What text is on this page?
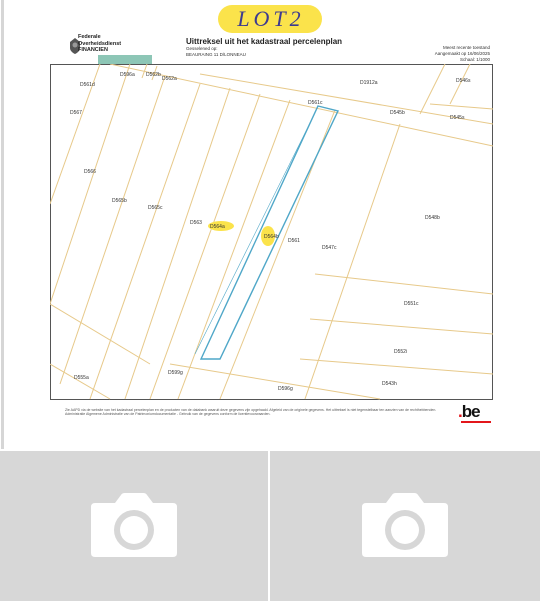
LOT2
Federale
Overheidsdienst
FINANCIEN
Uittreksel uit het kadastraal percelenplan
Gesselened op:
BEAURAING 11 D/LONNEAU
Meest recente toestand
Aangemaakt op 16/06/2025
Schaal: 1/1000
D567
D566
D565b
D565c
D564a
D564b
D563
D561
D596a D562b
D562a
D561c
D547c
D548b
D546s
D545s
D561d
D545b
D1912a
D551c
D552i
D543h
D599g
D596g
D555a
Zie AAPD via de website van het kadastraal percelenplan en de producten van de databank waaruit deze gegevens zijn opgehaald. Afgeleid van de originele gegevens. Het uittreksel is niet tegenstelbaar ten aanzien van de rechthebbenden. Administratie Algemene Administratie van de Patrimoniumdocumentatie - Gebruik van de gegevens conform de licentievoorwaarden.	.be
